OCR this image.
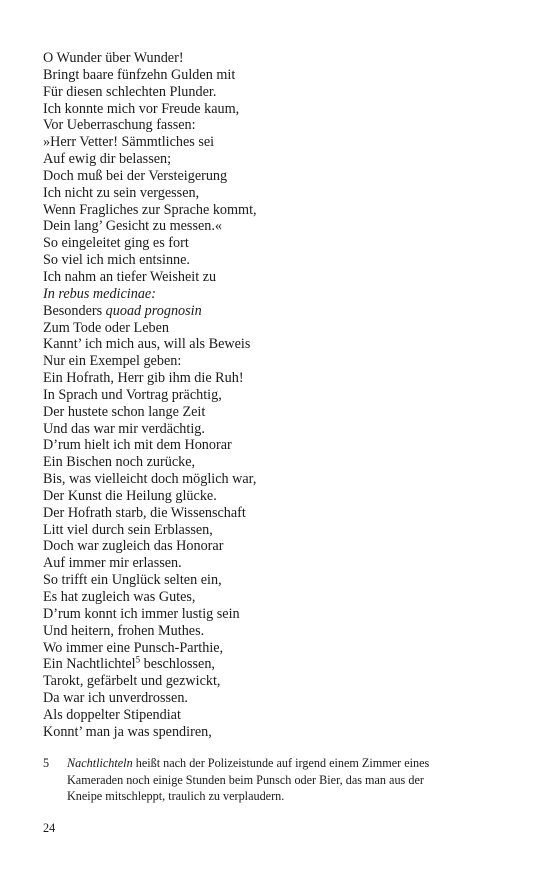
O Wunder über Wunder!
Bringt baare fünfzehn Gulden mit
Für diesen schlechten Plunder.
Ich konnte mich vor Freude kaum,
Vor Ueberraschung fassen:
»Herr Vetter! Sämmtliches sei
Auf ewig dir belassen;
Doch muß bei der Versteigerung
Ich nicht zu sein vergessen,
Wenn Fragliches zur Sprache kommt,
Dein lang’ Gesicht zu messen.«
So eingeleitet ging es fort
So viel ich mich entsinne.
Ich nahm an tiefer Weisheit zu
In rebus medicinae:
Besonders quoad prognosin
Zum Tode oder Leben
Kannt’ ich mich aus, will als Beweis
Nur ein Exempel geben:
Ein Hofrath, Herr gib ihm die Ruh!
In Sprach und Vortrag prächtig,
Der hustete schon lange Zeit
Und das war mir verdächtig.
D’rum hielt ich mit dem Honorar
Ein Bischen noch zurücke,
Bis, was vielleicht doch möglich war,
Der Kunst die Heilung glücke.
Der Hofrath starb, die Wissenschaft
Litt viel durch sein Erblassen,
Doch war zugleich das Honorar
Auf immer mir erlassen.
So trifft ein Unglück selten ein,
Es hat zugleich was Gutes,
D’rum konnt ich immer lustig sein
Und heitern, frohen Muthes.
Wo immer eine Punsch-Parthie,
Ein Nachtlichtel$^5$ beschlossen,
Tarokt, gefärbelt und gezwickt,
Da war ich unverdrossen.
Als doppelter Stipendiat
Konnt’ man ja was spendiren,
5 Nachtlichteln heißt nach der Polizeistunde auf irgend einem Zimmer eines
Kameraden noch einige Stunden beim Punsch oder Bier, das man aus der
Kneipe mitschleppt, traulich zu verplaudern.
24
